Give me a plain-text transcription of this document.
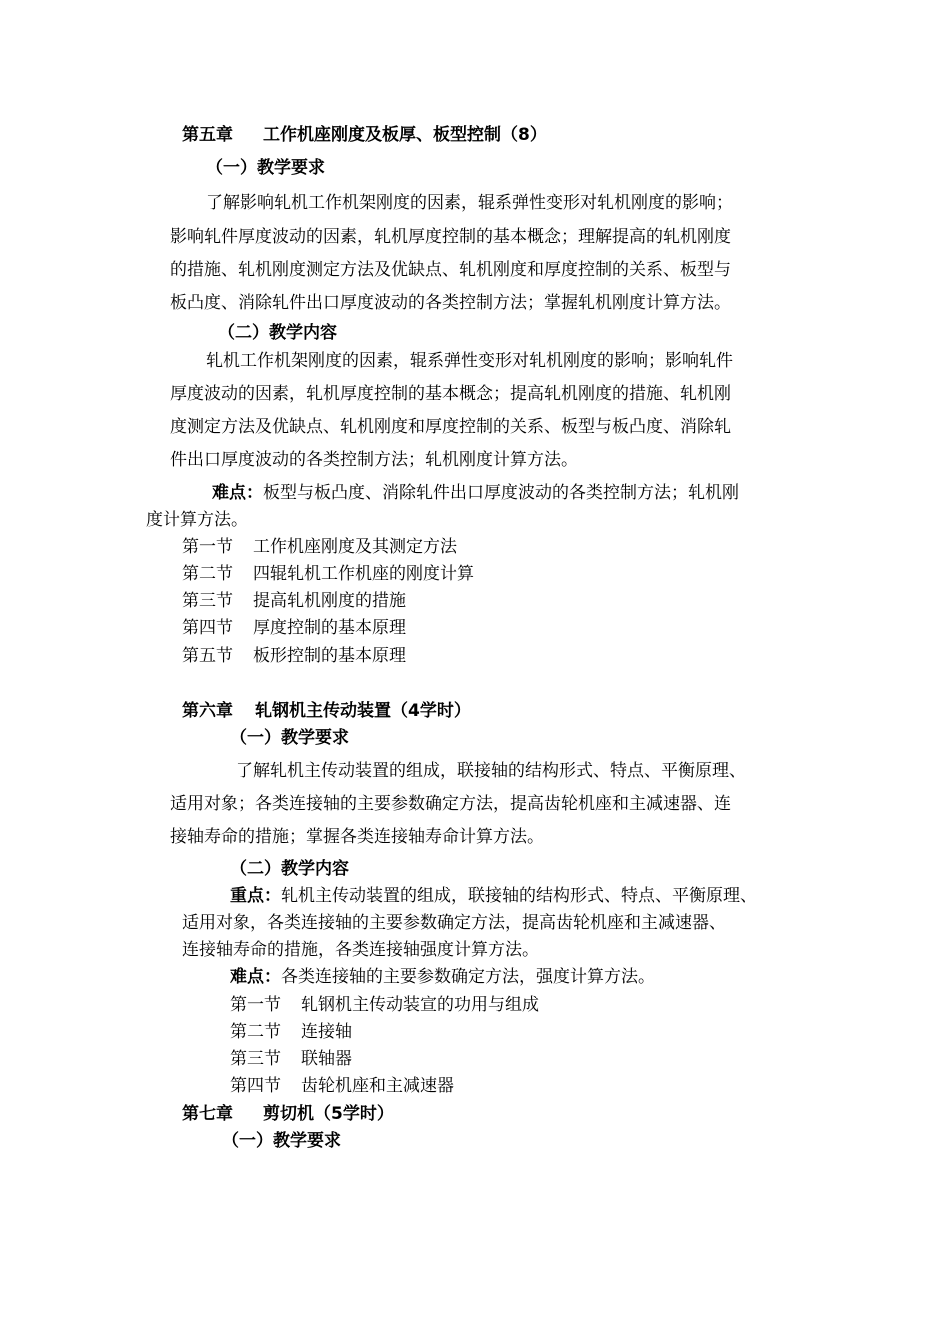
第五章 工作机座刚度及板厚、板型控制（8）
（一）教学要求
了解影响轧机工作机架刚度的因素，辊系弹性变形对轧机刚度的影响；
影响轧件厚度波动的因素，轧机厚度控制的基本概念；理解提高的轧机刚度
的措施、轧机刚度测定方法及优缺点、轧机刚度和厚度控制的关系、板型与
板凸度、消除轧件出口厚度波动的各类控制方法；掌握轧机刚度计算方法。
（二）教学内容
轧机工作机架刚度的因素，辊系弹性变形对轧机刚度的影响；影响轧件
厚度波动的因素，轧机厚度控制的基本概念；提高轧机刚度的措施、轧机刚
度测定方法及优缺点、轧机刚度和厚度控制的关系、板型与板凸度、消除轧
件出口厚度波动的各类控制方法；轧机刚度计算方法。
难点：板型与板凸度、消除轧件出口厚度波动的各类控制方法；轧机刚
度计算方法。
第一节 工作机座刚度及其测定方法
第二节 四辊轧机工作机座的刚度计算
第三节 提高轧机刚度的措施
第四节 厚度控制的基本原理
第五节 板形控制的基本原理
第六章 轧钢机主传动装置（4学时）
（一）教学要求
了解轧机主传动装置的组成，联接轴的结构形式、特点、平衡原理、
适用对象；各类连接轴的主要参数确定方法，提高齿轮机座和主减速器、连
接轴寿命的措施；掌握各类连接轴寿命计算方法。
（二）教学内容
重点：轧机主传动装置的组成，联接轴的结构形式、特点、平衡原理、
适用对象，各类连接轴的主要参数确定方法，提高齿轮机座和主减速器、
连接轴寿命的措施，各类连接轴强度计算方法。
难点：各类连接轴的主要参数确定方法，强度计算方法。
第一节 轧钢机主传动装宣的功用与组成
第二节 连接轴
第三节 联轴器
第四节 齿轮机座和主减速器
第七章 剪切机（5学时）
（一）教学要求
